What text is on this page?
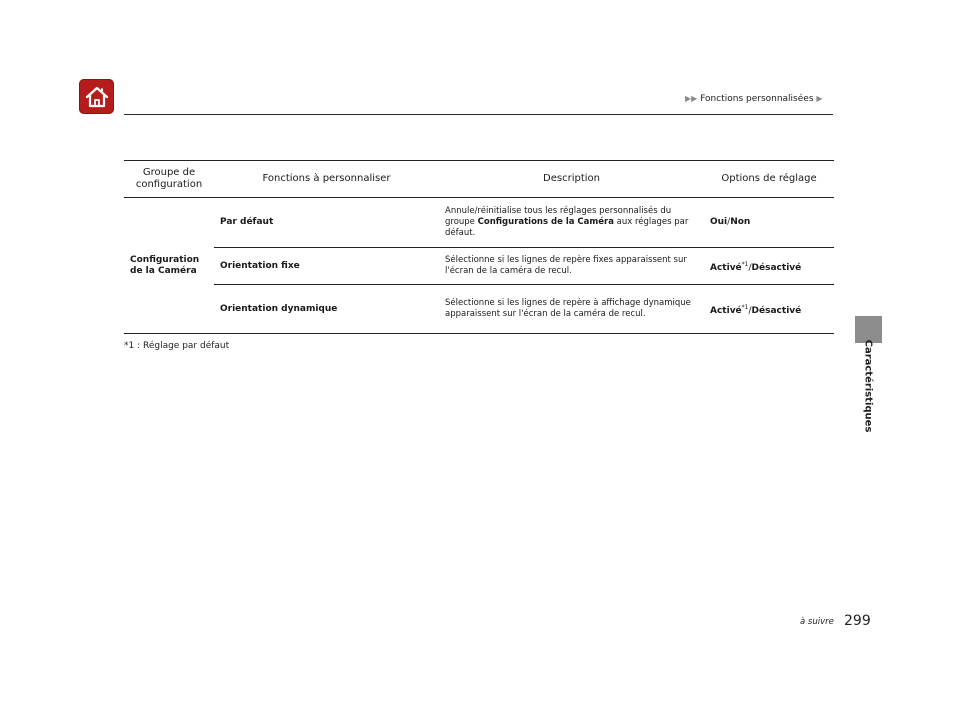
▶▶ Fonctions personnalisées ▶
Caractéristiques
Groupe de configuration	Fonctions à personnaliser	Description	Options de réglage
Configuration de la Caméra	Par défaut	Annule/réinitialise tous les réglages personnalisés du groupe Configurations de la Caméra aux réglages par défaut.	Oui/Non
	Orientation fixe	Sélectionne si les lignes de repère fixes apparaissent sur l'écran de la caméra de recul.	Activé$^{*1}$/Désactivé
	Orientation dynamique	Sélectionne si les lignes de repère à affichage dynamique apparaissent sur l'écran de la caméra de recul.	Activé$^{*1}$/Désactivé
*1 : Réglage par défaut
à suivre 299
